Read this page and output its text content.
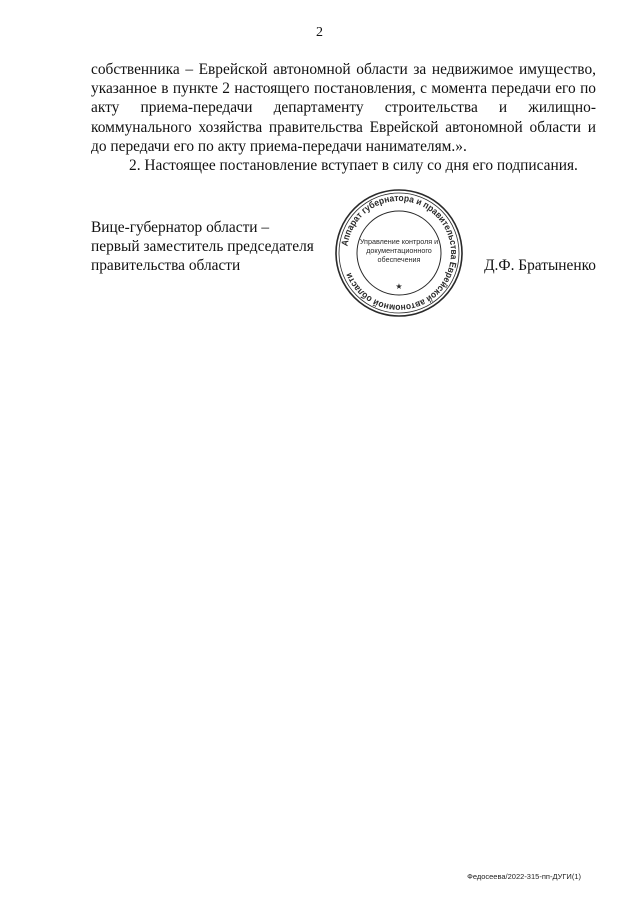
2

собственника – Еврейской автономной области за недвижимое имущество, указанное в пункте 2 настоящего постановления, с момента передачи его по акту приема-передачи департаменту строительства и жилищно-коммунального хозяйства правительства Еврейской автономной области и до передачи его по акту приема-передачи нанимателям.».

2. Настоящее постановление вступает в силу со дня его подписания.

Вице-губернатор области –
первый заместитель председателя
правительства области
Аппарат губернатора и правительства Еврейской автономной области
Управление контроля и
документационного
обеспечения
★
Д.Ф. Братыненко
Федосеева/2022-315-пп-ДУГИ(1)
